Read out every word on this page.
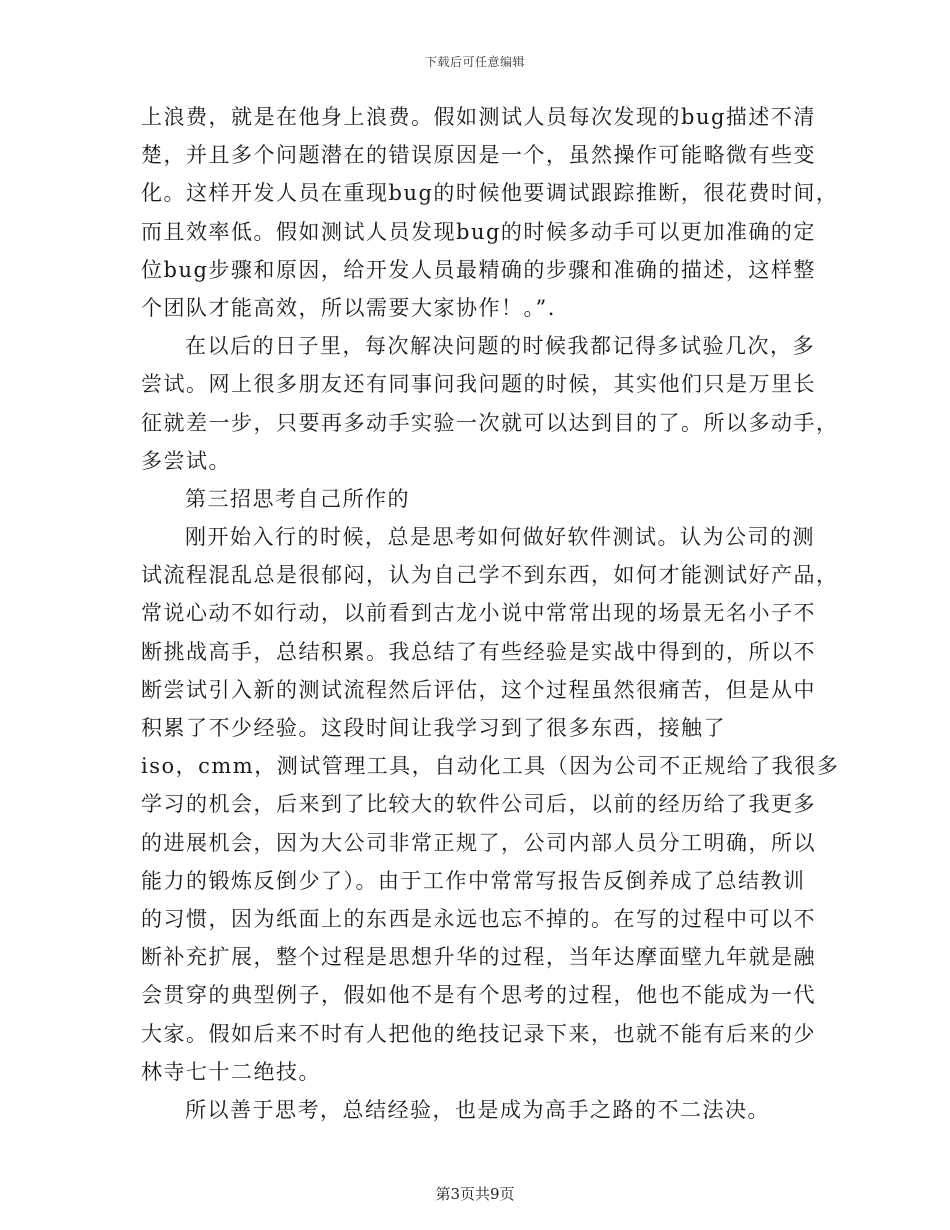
下载后可任意编辑
上浪费，就是在他身上浪费。假如测试人员每次发现的bug描述不清
楚，并且多个问题潜在的错误原因是一个，虽然操作可能略微有些变
化。这样开发人员在重现bug的时候他要调试跟踪推断，很花费时间，
而且效率低。假如测试人员发现bug的时候多动手可以更加准确的定
位bug步骤和原因，给开发人员最精确的步骤和准确的描述，这样整
个团队才能高效，所以需要大家协作！。”.
在以后的日子里，每次解决问题的时候我都记得多试验几次，多
尝试。网上很多朋友还有同事问我问题的时候，其实他们只是万里长
征就差一步，只要再多动手实验一次就可以达到目的了。所以多动手，
多尝试。
第三招思考自己所作的
刚开始入行的时候，总是思考如何做好软件测试。认为公司的测
试流程混乱总是很郁闷，认为自己学不到东西，如何才能测试好产品，
常说心动不如行动，以前看到古龙小说中常常出现的场景无名小子不
断挑战高手，总结积累。我总结了有些经验是实战中得到的，所以不
断尝试引入新的测试流程然后评估，这个过程虽然很痛苦，但是从中
积累了不少经验。这段时间让我学习到了很多东西，接触了
iso，cmm，测试管理工具，自动化工具（因为公司不正规给了我很多
学习的机会，后来到了比较大的软件公司后，以前的经历给了我更多
的进展机会，因为大公司非常正规了，公司内部人员分工明确，所以
能力的锻炼反倒少了）。由于工作中常常写报告反倒养成了总结教训
的习惯，因为纸面上的东西是永远也忘不掉的。在写的过程中可以不
断补充扩展，整个过程是思想升华的过程，当年达摩面壁九年就是融
会贯穿的典型例子，假如他不是有个思考的过程，他也不能成为一代
大家。假如后来不时有人把他的绝技记录下来，也就不能有后来的少
林寺七十二绝技。
所以善于思考，总结经验，也是成为高手之路的不二法决。
第3页共9页
